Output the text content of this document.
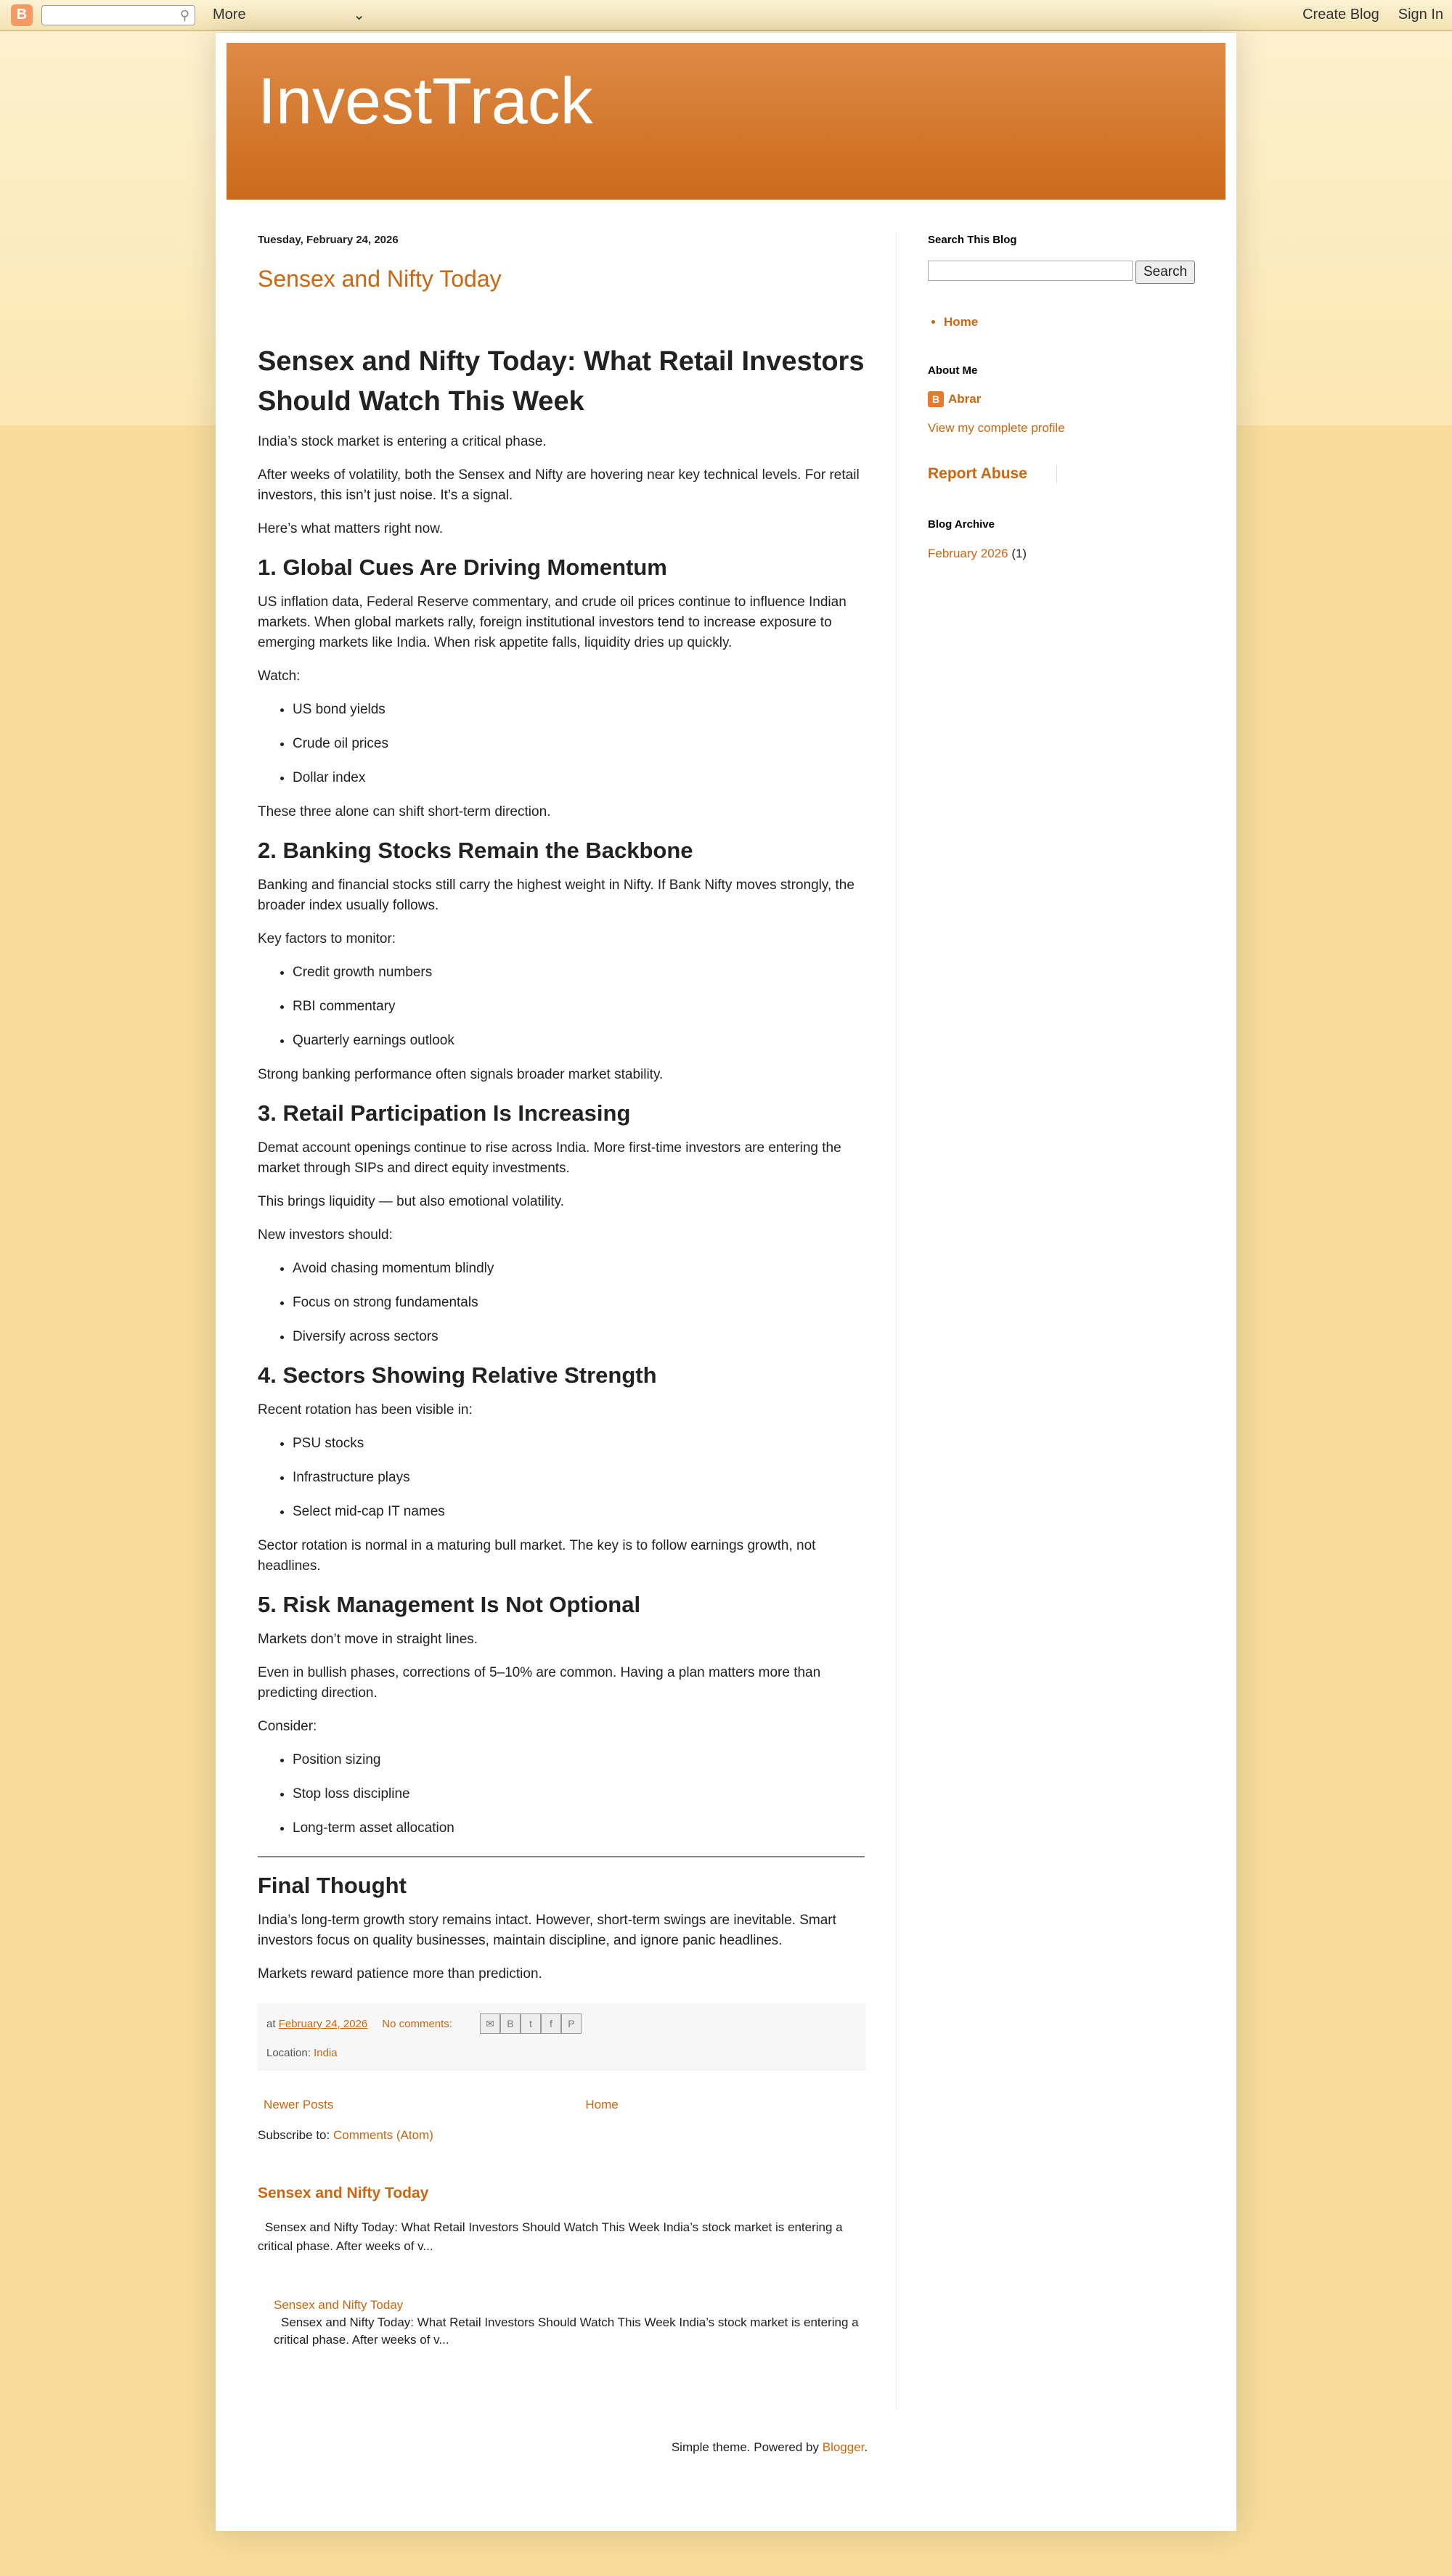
B	⚲ More	⌄	Create Blog Sign In
InvestTrack
Tuesday, February 24, 2026
Sensex and Nifty Today
Sensex and Nifty Today: What Retail Investors Should Watch This Week

India’s stock market is entering a critical phase.

After weeks of volatility, both the Sensex and Nifty are hovering near key technical levels. For retail investors, this isn’t just noise. It’s a signal.

Here’s what matters right now.

1. Global Cues Are Driving Momentum

US inflation data, Federal Reserve commentary, and crude oil prices continue to influence Indian markets. When global markets rally, foreign institutional investors tend to increase exposure to emerging markets like India. When risk appetite falls, liquidity dries up quickly.

Watch:

• US bond yields
• Crude oil prices
• Dollar index

These three alone can shift short-term direction.

2. Banking Stocks Remain the Backbone

Banking and financial stocks still carry the highest weight in Nifty. If Bank Nifty moves strongly, the broader index usually follows.

Key factors to monitor:

• Credit growth numbers
• RBI commentary
• Quarterly earnings outlook

Strong banking performance often signals broader market stability.

3. Retail Participation Is Increasing

Demat account openings continue to rise across India. More first-time investors are entering the market through SIPs and direct equity investments.

This brings liquidity — but also emotional volatility.

New investors should:

• Avoid chasing momentum blindly
• Focus on strong fundamentals
• Diversify across sectors
4. Sectors Showing Relative Strength

Recent rotation has been visible in:

• PSU stocks
• Infrastructure plays
• Select mid-cap IT names

Sector rotation is normal in a maturing bull market. The key is to follow earnings growth, not headlines.

5. Risk Management Is Not Optional

Markets don’t move in straight lines.

Even in bullish phases, corrections of 5–10% are common. Having a plan matters more than predicting direction.

Consider:

• Position sizing
• Stop loss discipline
• Long-term asset allocation
Final Thought

India’s long-term growth story remains intact. However, short-term swings are inevitable. Smart investors focus on quality businesses, maintain discipline, and ignore panic headlines.

Markets reward patience more than prediction.

at
February 24, 2026 No comments:	✉	B	t	f	P
Location: India
Newer Posts	Home
Subscribe to: Comments (Atom)
Sensex and Nifty Today

Sensex and Nifty Today: What Retail Investors Should Watch This Week India’s stock market is entering a critical phase. After weeks of v...

Sensex and Nifty Today

Sensex and Nifty Today: What Retail Investors Should Watch This Week India’s stock market is entering a critical phase. After weeks of v...

Search This Blog
Search
• Home
About Me
B Abrar
View my complete profile
Report Abuse
Blog Archive
February 2026 (1)
Simple theme. Powered by Blogger.
